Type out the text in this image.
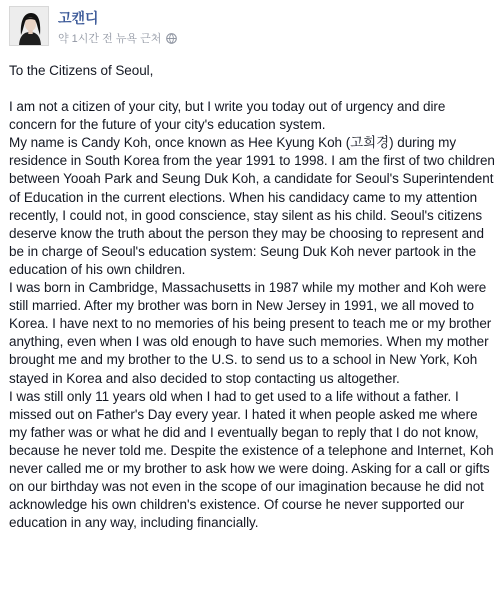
고캔디
약 1시간 전 뉴욕 근처

To the Citizens of Seoul,

I am not a citizen of your city, but I write you today out of urgency and dire concern for the future of your city's education system.

My name is Candy Koh, once known as Hee Kyung Koh (고희경) during my residence in South Korea from the year 1991 to 1998. I am the first of two children between Yooah Park and Seung Duk Koh, a candidate for Seoul's Superintendent of Education in the current elections. When his candidacy came to my attention recently, I could not, in good conscience, stay silent as his child. Seoul's citizens deserve know the truth about the person they may be choosing to represent and be in charge of Seoul's education system: Seung Duk Koh never partook in the education of his own children.

I was born in Cambridge, Massachusetts in 1987 while my mother and Koh were still married. After my brother was born in New Jersey in 1991, we all moved to Korea. I have next to no memories of his being present to teach me or my brother anything, even when I was old enough to have such memories. When my mother brought me and my brother to the U.S. to send us to a school in New York, Koh stayed in Korea and also decided to stop contacting us altogether.

I was still only 11 years old when I had to get used to a life without a father. I missed out on Father's Day every year. I hated it when people asked me where my father was or what he did and I eventually began to reply that I do not know, because he never told me. Despite the existence of a telephone and Internet, Koh never called me or my brother to ask how we were doing. Asking for a call or gifts on our birthday was not even in the scope of our imagination because he did not acknowledge his own children's existence. Of course he never supported our education in any way, including financially.
